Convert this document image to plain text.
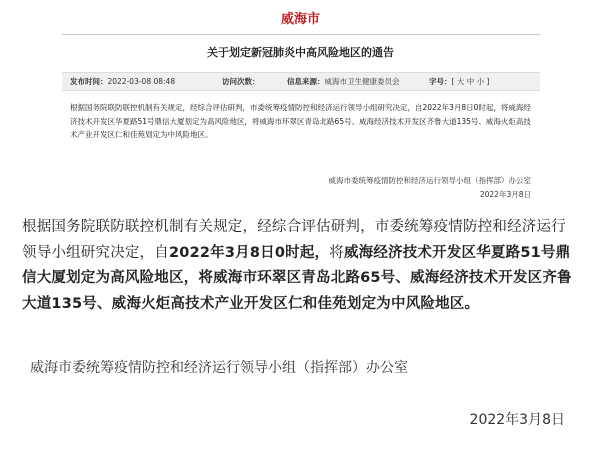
威海市
关于划定新冠肺炎中高风险地区的通告
发布时间：2022-03-08 08:48	访问次数：	信息来源：威海市卫生健康委员会	字号：[ 大 中 小 ]

根据国务院联防联控机制有关规定，经综合评估研判，市委统筹疫情防控和经济运行领导小组研究决定，自2022年3月8日0时起，将威海经济技术开发区华夏路51号鼎信大厦划定为高风险地区，将威海市环翠区青岛北路65号、威海经济技术开发区齐鲁大道135号、威海火炬高技术产业开发区仁和佳苑划定为中风险地区。

威海市委统筹疫情防控和经济运行领导小组（指挥部）办公室
2022年3月8日

根据国务院联防联控机制有关规定，经综合评估研判，市委统筹疫情防控和经济运行领导小组研究决定，自2022年3月8日0时起，将威海经济技术开发区华夏路51号鼎信大厦划定为高风险地区，将威海市环翠区青岛北路65号、威海经济技术开发区齐鲁大道135号、威海火炬高技术产业开发区仁和佳苑划定为中风险地区。

威海市委统筹疫情防控和经济运行领导小组（指挥部）办公室
2022年3月8日
